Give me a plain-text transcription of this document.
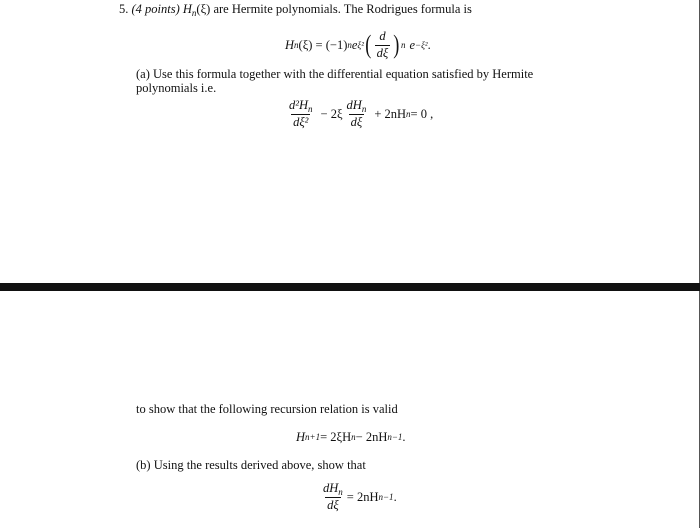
5. (4 points) $H_n(\xi)$ are Hermite polynomials. The Rodrigues formula is
H n (ξ) = (−1) n e ξ² ( $\frac{d}{d\xi}$ ) n e −ξ² .
(a) Use this formula together with the differential equation satisfied by Hermite
polynomials i.e.
$\frac{d^2H_n}{\text{dξ²}} - 2\xi \frac{dH_n}{d\xi} + 2nH$ n = 0 ,
to show that the following recursion relation is valid
H n+1 = 2ξH n − 2nH n−1 .
(b) Using the results derived above, show that
$\frac{dH_n}{d\xi} = 2nH$ n−1 .
